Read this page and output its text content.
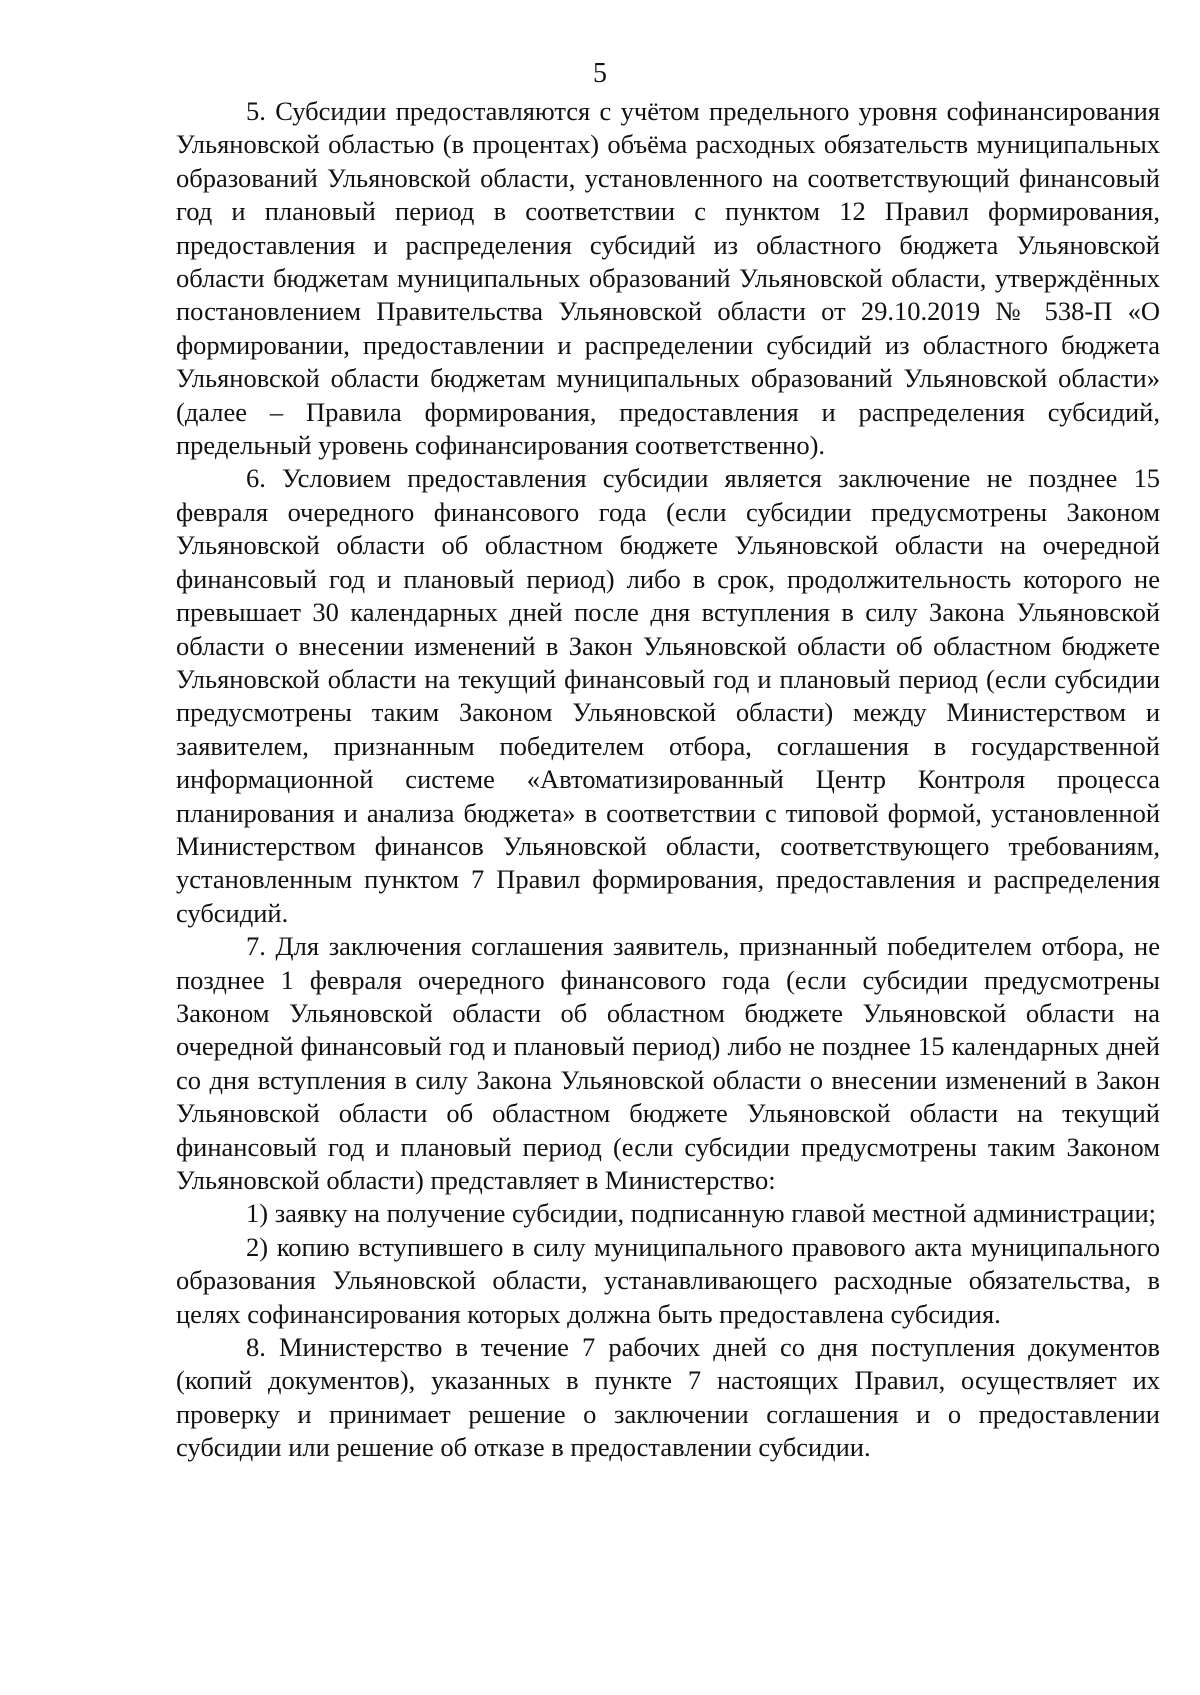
5

5. Субсидии предоставляются с учётом предельного уровня софинансирования Ульяновской областью (в процентах) объёма расходных обязательств муниципальных образований Ульяновской области, установленного на соответствующий финансовый год и плановый период в соответствии с пунктом 12 Правил формирования, предоставления и распределения субсидий из областного бюджета Ульяновской области бюджетам муниципальных образований Ульяновской области, утверждённых постановлением Правительства Ульяновской области от 29.10.2019 № 538-П «О формировании, предоставлении и распределении субсидий из областного бюджета Ульяновской области бюджетам муниципальных образований Ульяновской области» (далее – Правила формирования, предоставления и распределения субсидий, предельный уровень софинансирования соответственно).

6. Условием предоставления субсидии является заключение не позднее 15 февраля очередного финансового года (если субсидии предусмотрены Законом Ульяновской области об областном бюджете Ульяновской области на очередной финансовый год и плановый период) либо в срок, продолжительность которого не превышает 30 календарных дней после дня вступления в силу Закона Ульяновской области о внесении изменений в Закон Ульяновской области об областном бюджете Ульяновской области на текущий финансовый год и плановый период (если субсидии предусмотрены таким Законом Ульяновской области) между Министерством и заявителем, признанным победителем отбора, соглашения в государственной информационной системе «Автоматизированный Центр Контроля процесса планирования и анализа бюджета» в соответствии с типовой формой, установленной Министерством финансов Ульяновской области, соответствующего требованиям, установленным пунктом 7 Правил формирования, предоставления и распределения субсидий.

7. Для заключения соглашения заявитель, признанный победителем отбора, не позднее 1 февраля очередного финансового года (если субсидии предусмотрены Законом Ульяновской области об областном бюджете Ульяновской области на очередной финансовый год и плановый период) либо не позднее 15 календарных дней со дня вступления в силу Закона Ульяновской области о внесении изменений в Закон Ульяновской области об областном бюджете Ульяновской области на текущий финансовый год и плановый период (если субсидии предусмотрены таким Законом Ульяновской области) представляет в Министерство:

1) заявку на получение субсидии, подписанную главой местной администрации;

2) копию вступившего в силу муниципального правового акта муниципального образования Ульяновской области, устанавливающего расходные обязательства, в целях софинансирования которых должна быть предоставлена субсидия.

8. Министерство в течение 7 рабочих дней со дня поступления документов (копий документов), указанных в пункте 7 настоящих Правил, осуществляет их проверку и принимает решение о заключении соглашения и о предоставлении субсидии или решение об отказе в предоставлении субсидии.
